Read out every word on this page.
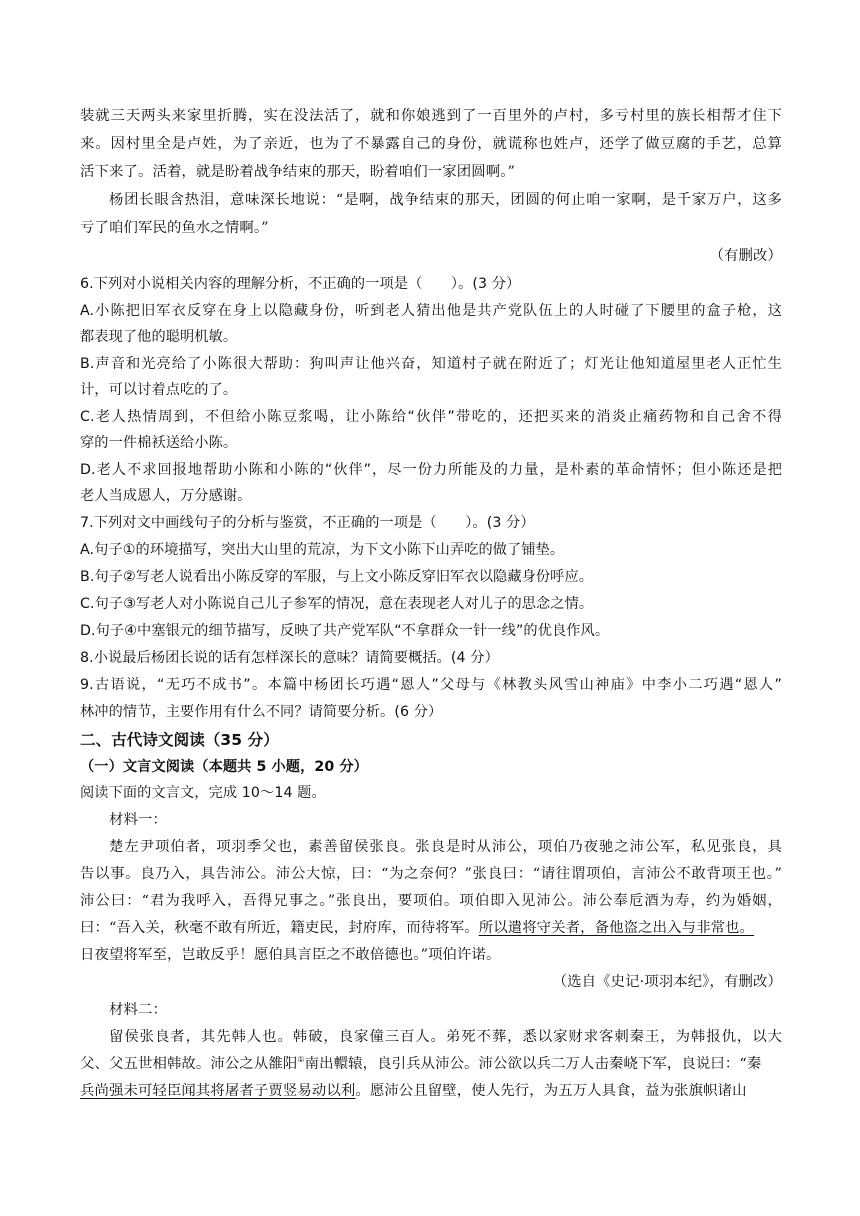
装就三天两头来家里折腾，实在没法活了，就和你娘逃到了一百里外的卢村，多亏村里的族长相帮才住下
来。因村里全是卢姓，为了亲近，也为了不暴露自己的身份，就谎称也姓卢，还学了做豆腐的手艺，总算
活下来了。活着，就是盼着战争结束的那天，盼着咱们一家团圆啊。”
杨团长眼含热泪，意味深长地说：“是啊，战争结束的那天，团圆的何止咱一家啊，是千家万户，这多
亏了咱们军民的鱼水之情啊。”
（有删改）
6.下列对小说相关内容的理解分析，不正确的一项是（　　）。(3 分）
A.小陈把旧军衣反穿在身上以隐藏身份，听到老人猜出他是共产党队伍上的人时碰了下腰里的盒子枪，这
都表现了他的聪明机敏。
B.声音和光亮给了小陈很大帮助：狗叫声让他兴奋，知道村子就在附近了；灯光让他知道屋里老人正忙生
计，可以讨着点吃的了。
C.老人热情周到，不但给小陈豆浆喝，让小陈给“伙伴”带吃的，还把买来的消炎止痛药物和自己舍不得
穿的一件棉袄送给小陈。
D.老人不求回报地帮助小陈和小陈的“伙伴”，尽一份力所能及的力量，是朴素的革命情怀；但小陈还是把
老人当成恩人，万分感谢。
7.下列对文中画线句子的分析与鉴赏，不正确的一项是（　　）。(3 分）
A.句子①的环境描写，突出大山里的荒凉，为下文小陈下山弄吃的做了铺垫。
B.句子②写老人说看出小陈反穿的军服，与上文小陈反穿旧军衣以隐藏身份呼应。
C.句子③写老人对小陈说自己儿子参军的情况，意在表现老人对儿子的思念之情。
D.句子④中塞银元的细节描写，反映了共产党军队“不拿群众一针一线”的优良作风。
8.小说最后杨团长说的话有怎样深长的意味？请简要概括。(4 分）
9.古语说，“无巧不成书”。本篇中杨团长巧遇“恩人”父母与《林教头风雪山神庙》中李小二巧遇“恩人”
林冲的情节，主要作用有什么不同？请简要分析。(6 分）
二、古代诗文阅读（35 分）
（一）文言文阅读（本题共 5 小题，20 分）
阅读下面的文言文，完成 10～14 题。
材料一：
楚左尹项伯者，项羽季父也，素善留侯张良。张良是时从沛公，项伯乃夜驰之沛公军，私见张良，具
告以事。良乃入，具告沛公。沛公大惊，曰：“为之奈何？”张良曰：“请往谓项伯，言沛公不敢背项王也。”
沛公曰：“君为我呼入，吾得兄事之。”张良出，要项伯。项伯即入见沛公。沛公奉卮酒为寿，约为婚姻，
曰：“吾入关，秋毫不敢有所近，籍吏民，封府库，而待将军。所以遣将守关者，备他盗之出入与非常也。
日夜望将军至，岂敢反乎！愿伯具言臣之不敢倍德也。”项伯许诺。
（选自《史记·项羽本纪》，有删改）
材料二：
留侯张良者，其先韩人也。韩破，良家僮三百人。弟死不葬，悉以家财求客刺秦王，为韩报仇，以大
父、父五世相韩故。沛公之从雒阳①南出轘辕，良引兵从沛公。沛公欲以兵二万人击秦峣下军，良说曰：“秦
兵尚强未可轻臣闻其将屠者子贾竖易动以利。愿沛公且留壁，使人先行，为五万人具食，益为张旗帜诸山
